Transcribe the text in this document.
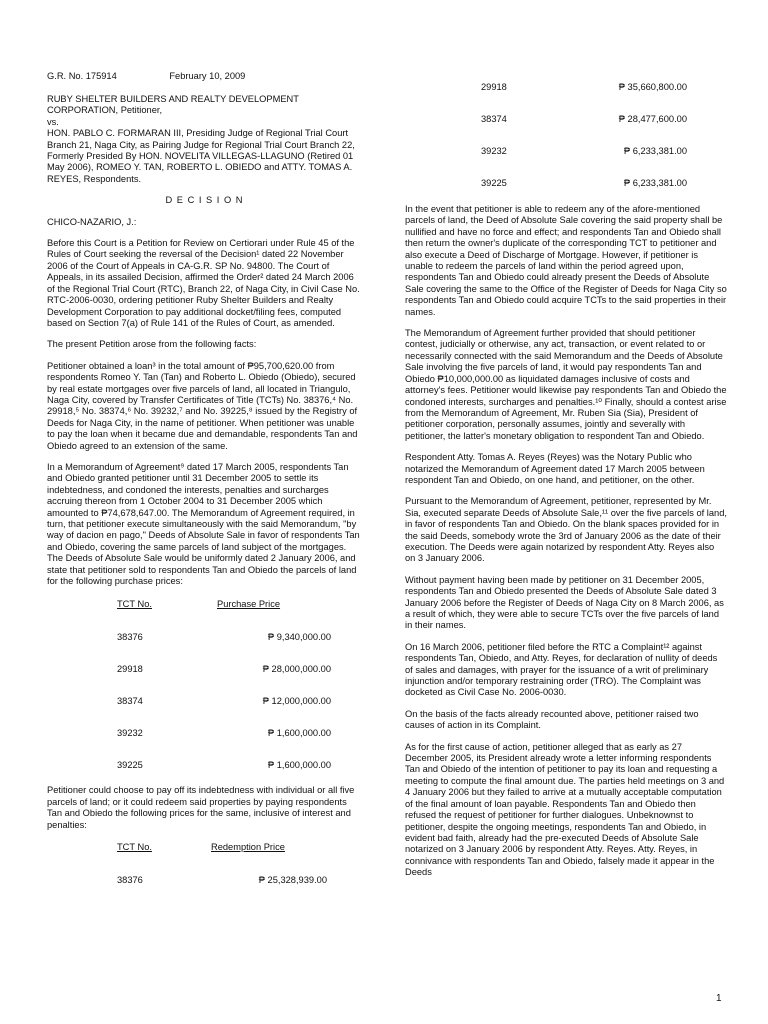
G.R. No. 175914	February 10, 2009
RUBY SHELTER BUILDERS AND REALTY DEVELOPMENT CORPORATION, Petitioner,
vs.
HON. PABLO C. FORMARAN III, Presiding Judge of Regional Trial Court Branch 21, Naga City, as Pairing Judge for Regional Trial Court Branch 22, Formerly Presided By HON. NOVELITA VILLEGAS-LLAGUNO (Retired 01 May 2006), ROMEO Y. TAN, ROBERTO L. OBIEDO and ATTY. TOMAS A. REYES, Respondents.
D E C I S I O N

CHICO-NAZARIO, J.:

Before this Court is a Petition for Review on Certiorari under Rule 45 of the Rules of Court seeking the reversal of the Decision¹ dated 22 November 2006 of the Court of Appeals in CA-G.R. SP No. 94800. The Court of Appeals, in its assailed Decision, affirmed the Order² dated 24 March 2006 of the Regional Trial Court (RTC), Branch 22, of Naga City, in Civil Case No. RTC-2006-0030, ordering petitioner Ruby Shelter Builders and Realty Development Corporation to pay additional docket/filing fees, computed based on Section 7(a) of Rule 141 of the Rules of Court, as amended.

The present Petition arose from the following facts:

Petitioner obtained a loan³ in the total amount of ₱95,700,620.00 from respondents Romeo Y. Tan (Tan) and Roberto L. Obiedo (Obiedo), secured by real estate mortgages over five parcels of land, all located in Triangulo, Naga City, covered by Transfer Certificates of Title (TCTs) No. 38376,⁴ No. 29918,⁵ No. 38374,⁶ No. 39232,⁷ and No. 39225,⁸ issued by the Registry of Deeds for Naga City, in the name of petitioner. When petitioner was unable to pay the loan when it became due and demandable, respondents Tan and Obiedo agreed to an extension of the same.

In a Memorandum of Agreement⁹ dated 17 March 2005, respondents Tan and Obiedo granted petitioner until 31 December 2005 to settle its indebtedness, and condoned the interests, penalties and surcharges accruing thereon from 1 October 2004 to 31 December 2005 which amounted to ₱74,678,647.00. The Memorandum of Agreement required, in turn, that petitioner execute simultaneously with the said Memorandum, "by way of dacion en pago," Deeds of Absolute Sale in favor of respondents Tan and Obiedo, covering the same parcels of land subject of the mortgages. The Deeds of Absolute Sale would be uniformly dated 2 January 2006, and state that petitioner sold to respondents Tan and Obiedo the parcels of land for the following purchase prices:

TCT No.	Purchase Price
38376	₱ 9,340,000.00
29918	₱ 28,000,000.00
38374	₱ 12,000,000.00
39232	₱ 1,600,000.00
39225	₱ 1,600,000.00

Petitioner could choose to pay off its indebtedness with individual or all five parcels of land; or it could redeem said properties by paying respondents Tan and Obiedo the following prices for the same, inclusive of interest and penalties:

TCT No.	Redemption Price
38376	₱ 25,328,939.00
29918	₱ 35,660,800.00
38374	₱ 28,477,600.00
39232	₱ 6,233,381.00
39225	₱ 6,233,381.00

In the event that petitioner is able to redeem any of the afore-mentioned parcels of land, the Deed of Absolute Sale covering the said property shall be nullified and have no force and effect; and respondents Tan and Obiedo shall then return the owner's duplicate of the corresponding TCT to petitioner and also execute a Deed of Discharge of Mortgage. However, if petitioner is unable to redeem the parcels of land within the period agreed upon, respondents Tan and Obiedo could already present the Deeds of Absolute Sale covering the same to the Office of the Register of Deeds for Naga City so respondents Tan and Obiedo could acquire TCTs to the said properties in their names.

The Memorandum of Agreement further provided that should petitioner contest, judicially or otherwise, any act, transaction, or event related to or necessarily connected with the said Memorandum and the Deeds of Absolute Sale involving the five parcels of land, it would pay respondents Tan and Obiedo ₱10,000,000.00 as liquidated damages inclusive of costs and attorney's fees. Petitioner would likewise pay respondents Tan and Obiedo the condoned interests, surcharges and penalties.¹⁰ Finally, should a contest arise from the Memorandum of Agreement, Mr. Ruben Sia (Sia), President of petitioner corporation, personally assumes, jointly and severally with petitioner, the latter's monetary obligation to respondent Tan and Obiedo.

Respondent Atty. Tomas A. Reyes (Reyes) was the Notary Public who notarized the Memorandum of Agreement dated 17 March 2005 between respondent Tan and Obiedo, on one hand, and petitioner, on the other.

Pursuant to the Memorandum of Agreement, petitioner, represented by Mr. Sia, executed separate Deeds of Absolute Sale,¹¹ over the five parcels of land, in favor of respondents Tan and Obiedo. On the blank spaces provided for in the said Deeds, somebody wrote the 3rd of January 2006 as the date of their execution. The Deeds were again notarized by respondent Atty. Reyes also on 3 January 2006.

Without payment having been made by petitioner on 31 December 2005, respondents Tan and Obiedo presented the Deeds of Absolute Sale dated 3 January 2006 before the Register of Deeds of Naga City on 8 March 2006, as a result of which, they were able to secure TCTs over the five parcels of land in their names.

On 16 March 2006, petitioner filed before the RTC a Complaint¹² against respondents Tan, Obiedo, and Atty. Reyes, for declaration of nullity of deeds of sales and damages, with prayer for the issuance of a writ of preliminary injunction and/or temporary restraining order (TRO). The Complaint was docketed as Civil Case No. 2006-0030.

On the basis of the facts already recounted above, petitioner raised two causes of action in its Complaint.

As for the first cause of action, petitioner alleged that as early as 27 December 2005, its President already wrote a letter informing respondents Tan and Obiedo of the intention of petitioner to pay its loan and requesting a meeting to compute the final amount due. The parties held meetings on 3 and 4 January 2006 but they failed to arrive at a mutually acceptable computation of the final amount of loan payable. Respondents Tan and Obiedo then refused the request of petitioner for further dialogues. Unbeknownst to petitioner, despite the ongoing meetings, respondents Tan and Obiedo, in evident bad faith, already had the pre-executed Deeds of Absolute Sale notarized on 3 January 2006 by respondent Atty. Reyes. Atty. Reyes, in connivance with respondents Tan and Obiedo, falsely made it appear in the Deeds

1
